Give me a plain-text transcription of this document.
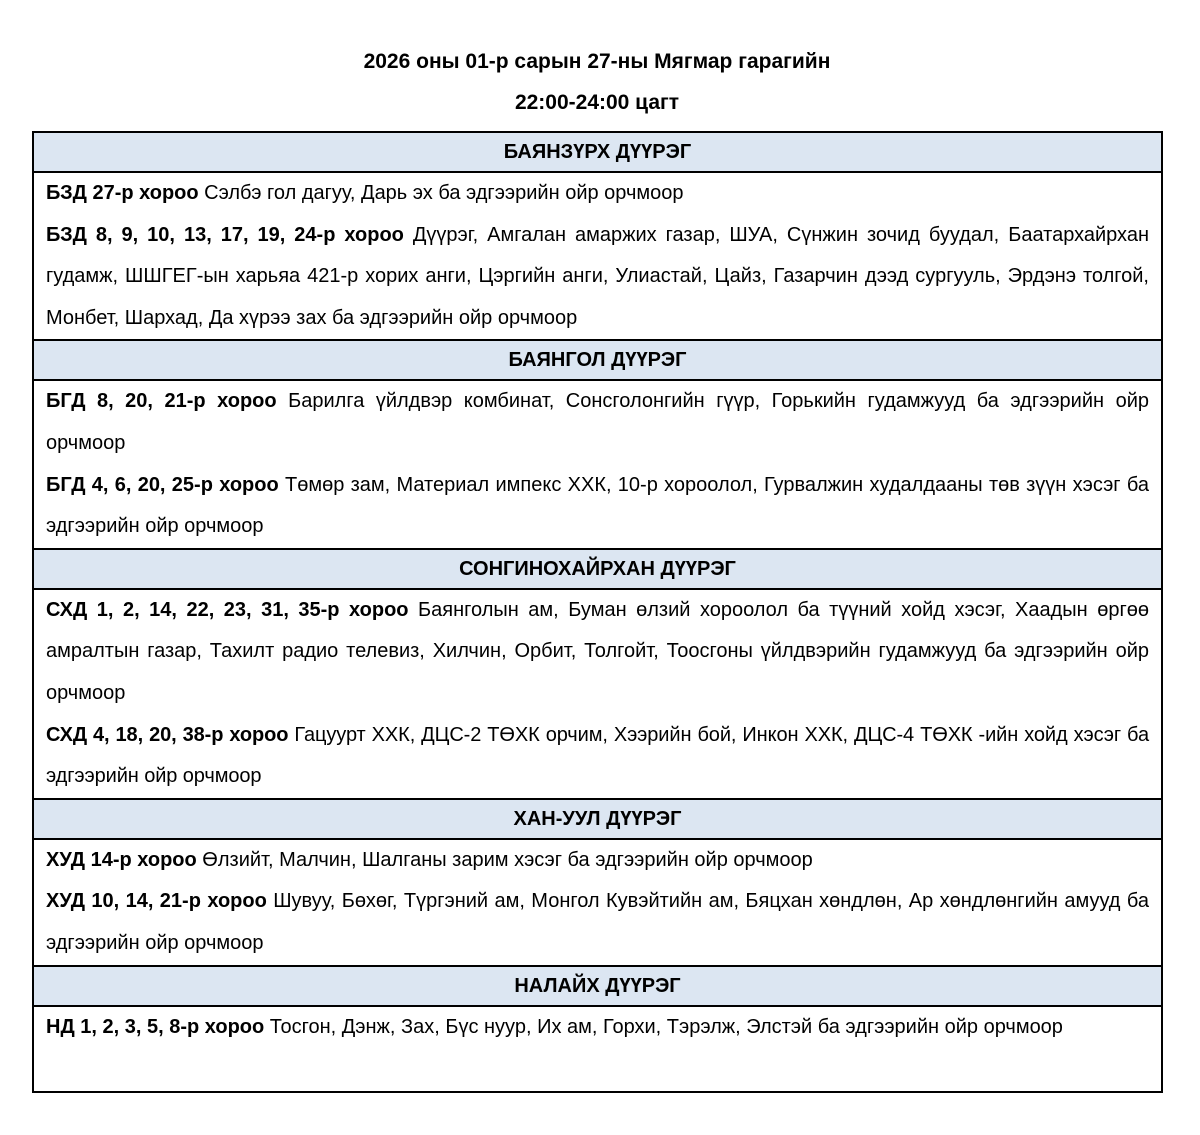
2026 оны 01-р сарын 27-ны Мягмар гарагийн
22:00-24:00 цагт
БАЯНЗҮРХ ДҮҮРЭГ

БЗД 27-р хороо Сэлбэ гол дагуу, Дарь эх ба эдгээрийн ойр орчмоор

БЗД 8, 9, 10, 13, 17, 19, 24-р хороо Дүүрэг, Амгалан амаржих газар, ШУА, Сүнжин зочид буудал, Баатархайрхан гудамж, ШШГЕГ-ын харьяа 421-р хорих анги, Цэргийн анги, Улиастай, Цайз, Газарчин дээд сургууль, Эрдэнэ толгой, Монбет, Шархад, Да хүрээ зах ба эдгээрийн ойр орчмоор

БАЯНГОЛ ДҮҮРЭГ

БГД 8, 20, 21-р хороо Барилга үйлдвэр комбинат, Сонсголонгийн гүүр, Горькийн гудамжууд ба эдгээрийн ойр орчмоор

БГД 4, 6, 20, 25-р хороо Төмөр зам, Материал импекс ХХК, 10-р хороолол, Гурвалжин худалдааны төв зүүн хэсэг ба эдгээрийн ойр орчмоор

СОНГИНОХАЙРХАН ДҮҮРЭГ

СХД 1, 2, 14, 22, 23, 31, 35-р хороо Баянголын ам, Буман өлзий хороолол ба түүний хойд хэсэг, Хаадын өргөө амралтын газар, Тахилт радио телевиз, Хилчин, Орбит, Толгойт, Тоосгоны үйлдвэрийн гудамжууд ба эдгээрийн ойр орчмоор

СХД 4, 18, 20, 38-р хороо Гацуурт ХХК, ДЦС-2 ТӨХК орчим, Хээрийн бой, Инкон ХХК, ДЦС-4 ТӨХК -ийн хойд хэсэг ба эдгээрийн ойр орчмоор

ХАН-УУЛ ДҮҮРЭГ

ХУД 14-р хороо Өлзийт, Малчин, Шалганы зарим хэсэг ба эдгээрийн ойр орчмоор

ХУД 10, 14, 21-р хороо Шувуу, Бөхөг, Түргэний ам, Монгол Кувэйтийн ам, Бяцхан хөндлөн, Ар хөндлөнгийн амууд ба эдгээрийн ойр орчмоор

НАЛАЙХ ДҮҮРЭГ

НД 1, 2, 3, 5, 8-р хороо Тосгон, Дэнж, Зах, Бүс нуур, Их ам, Горхи, Тэрэлж, Элстэй ба эдгээрийн ойр орчмоор
